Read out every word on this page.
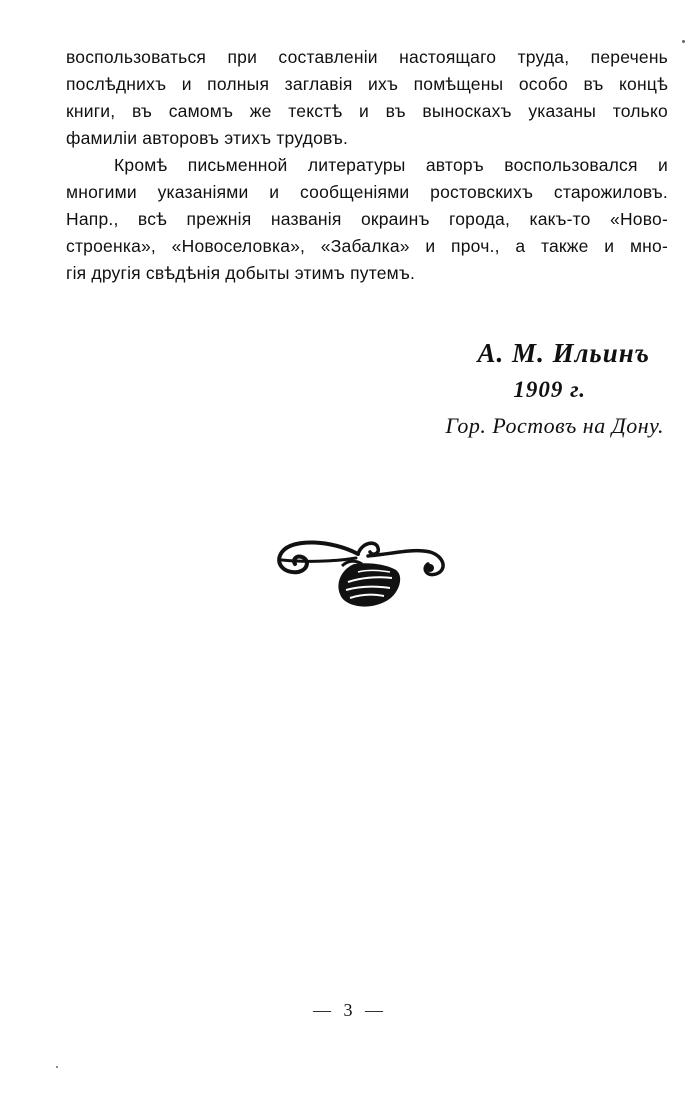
воспользоваться при составленiи настоящаго труда, перечень
послѣднихъ и полныя заглавiя ихъ помѣщены особо въ концѣ
книги, въ самомъ же текстѣ и въ выноскахъ указаны только
фамилiи авторовъ этихъ трудовъ.

Кромѣ письменной литературы авторъ воспользовался и
многими указанiями и сообщенiями ростовскихъ старожиловъ.
Напр., всѣ прежнiя названiя окраинъ города, какъ-то «Ново-
строенка», «Новоселовка», «Забалка» и проч., а также и мно-
гiя другiя свѣдѣнiя добыты этимъ путемъ.

А. М. Ильинъ
1909 г.
Гор. Ростовъ на Дону.
— 3 —
